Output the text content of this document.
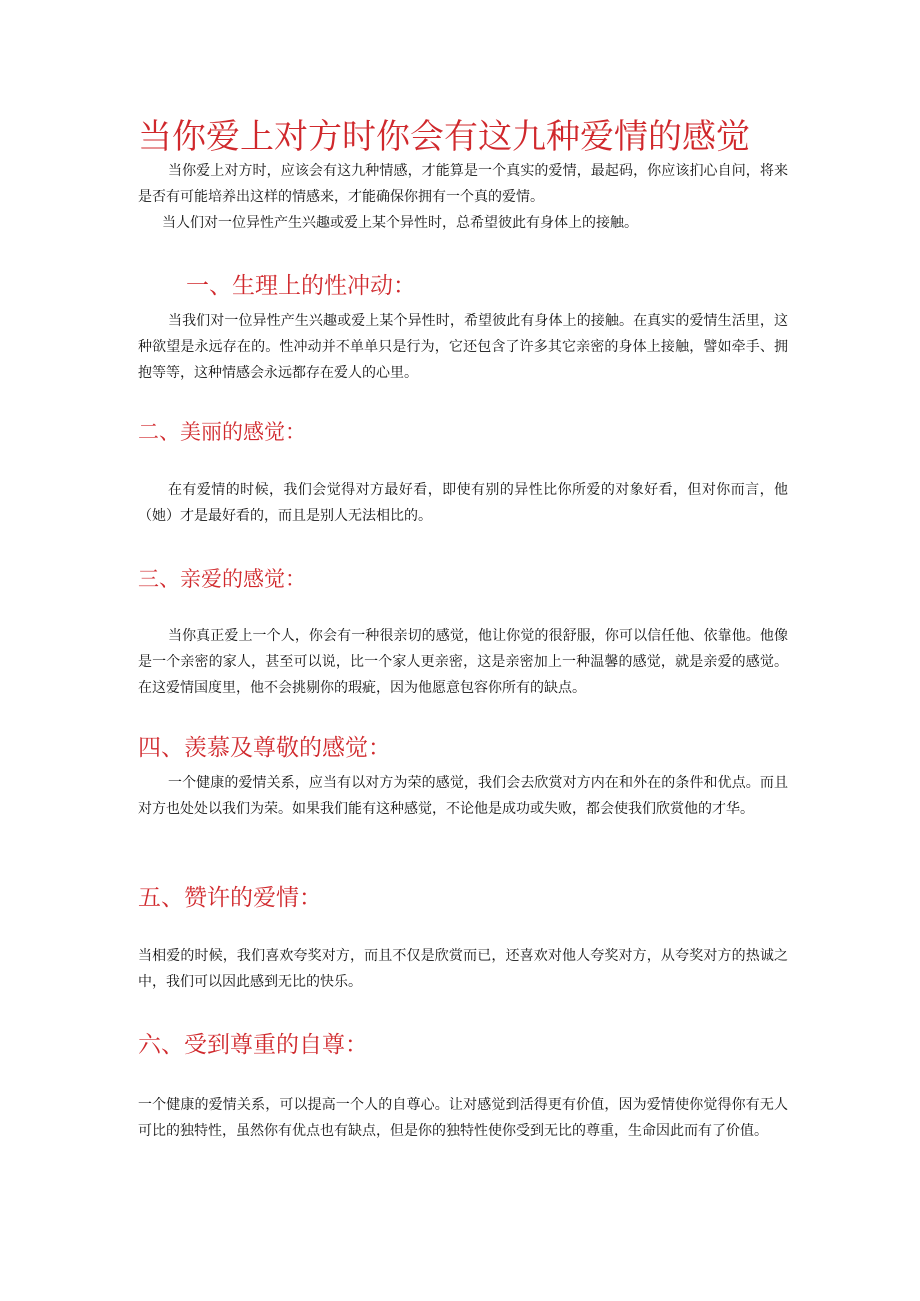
当你爱上对方时你会有这九种爱情的感觉

当你爱上对方时，应该会有这九种情感，才能算是一个真实的爱情，最起码，你应该扪心自问，将来是否有可能培养出这样的情感来，才能确保你拥有一个真的爱情。

当人们对一位异性产生兴趣或爱上某个异性时，总希望彼此有身体上的接触。

一、生理上的性冲动：

当我们对一位异性产生兴趣或爱上某个异性时，希望彼此有身体上的接触。在真实的爱情生活里，这种欲望是永远存在的。性冲动并不单单只是行为，它还包含了许多其它亲密的身体上接触，譬如牵手、拥抱等等，这种情感会永远都存在爱人的心里。

二、美丽的感觉：

在有爱情的时候，我们会觉得对方最好看，即使有别的异性比你所爱的对象好看，但对你而言，他（她）才是最好看的，而且是别人无法相比的。

三、亲爱的感觉：

当你真正爱上一个人，你会有一种很亲切的感觉，他让你觉的很舒服，你可以信任他、依靠他。他像是一个亲密的家人，甚至可以说，比一个家人更亲密，这是亲密加上一种温馨的感觉，就是亲爱的感觉。在这爱情国度里，他不会挑剔你的瑕疵，因为他愿意包容你所有的缺点。

四、羡慕及尊敬的感觉：

一个健康的爱情关系，应当有以对方为荣的感觉，我们会去欣赏对方内在和外在的条件和优点。而且对方也处处以我们为荣。如果我们能有这种感觉，不论他是成功或失败，都会使我们欣赏他的才华。

五、赞许的爱情：

当相爱的时候，我们喜欢夸奖对方，而且不仅是欣赏而已，还喜欢对他人夸奖对方，从夸奖对方的热诚之中，我们可以因此感到无比的快乐。

六、受到尊重的自尊：

一个健康的爱情关系，可以提高一个人的自尊心。让对感觉到活得更有价值，因为爱情使你觉得你有无人可比的独特性，虽然你有优点也有缺点，但是你的独特性使你受到无比的尊重，生命因此而有了价值。
